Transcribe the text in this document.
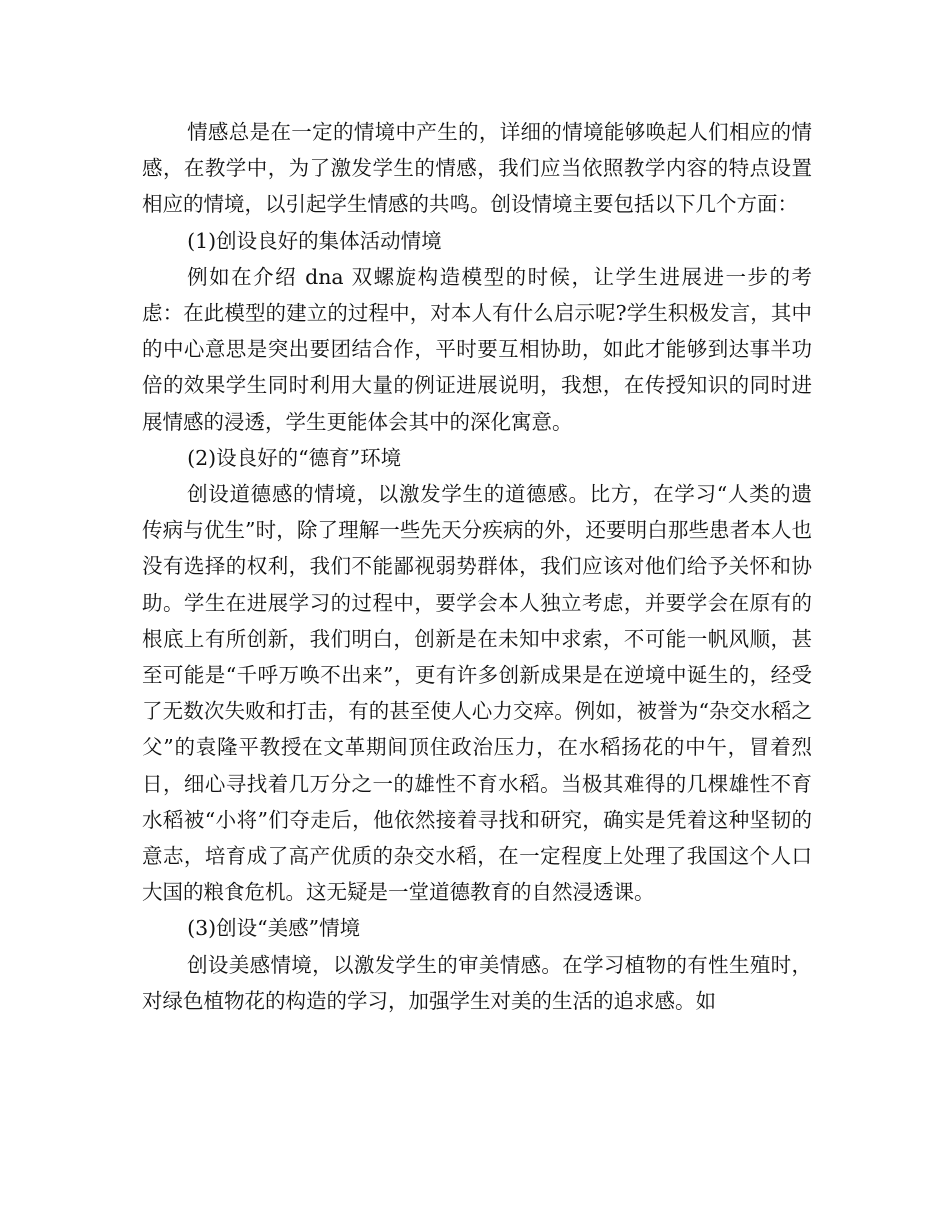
情感总是在一定的情境中产生的，详细的情境能够唤起人们相应的情感，在教学中，为了激发学生的情感，我们应当依照教学内容的特点设置相应的情境，以引起学生情感的共鸣。创设情境主要包括以下几个方面：

(1)创设良好的集体活动情境

例如在介绍 dna 双螺旋构造模型的时候，让学生进展进一步的考虑：在此模型的建立的过程中，对本人有什么启示呢?学生积极发言，其中的中心意思是突出要团结合作，平时要互相协助，如此才能够到达事半功倍的效果学生同时利用大量的例证进展说明，我想，在传授知识的同时进展情感的浸透，学生更能体会其中的深化寓意。

(2)设良好的“德育”环境

创设道德感的情境，以激发学生的道德感。比方，在学习“人类的遗传病与优生”时，除了理解一些先天分疾病的外，还要明白那些患者本人也没有选择的权利，我们不能鄙视弱势群体，我们应该对他们给予关怀和协助。学生在进展学习的过程中，要学会本人独立考虑，并要学会在原有的根底上有所创新，我们明白，创新是在未知中求索，不可能一帆风顺，甚至可能是“千呼万唤不出来”，更有许多创新成果是在逆境中诞生的，经受了无数次失败和打击，有的甚至使人心力交瘁。例如，被誉为“杂交水稻之父”的袁隆平教授在文革期间顶住政治压力，在水稻扬花的中午，冒着烈日，细心寻找着几万分之一的雄性不育水稻。当极其难得的几棵雄性不育水稻被“小将”们夺走后，他依然接着寻找和研究，确实是凭着这种坚韧的意志，培育成了高产优质的杂交水稻，在一定程度上处理了我国这个人口大国的粮食危机。这无疑是一堂道德教育的自然浸透课。

(3)创设“美感”情境

创设美感情境，以激发学生的审美情感。在学习植物的有性生殖时，对绿色植物花的构造的学习，加强学生对美的生活的追求感。如
